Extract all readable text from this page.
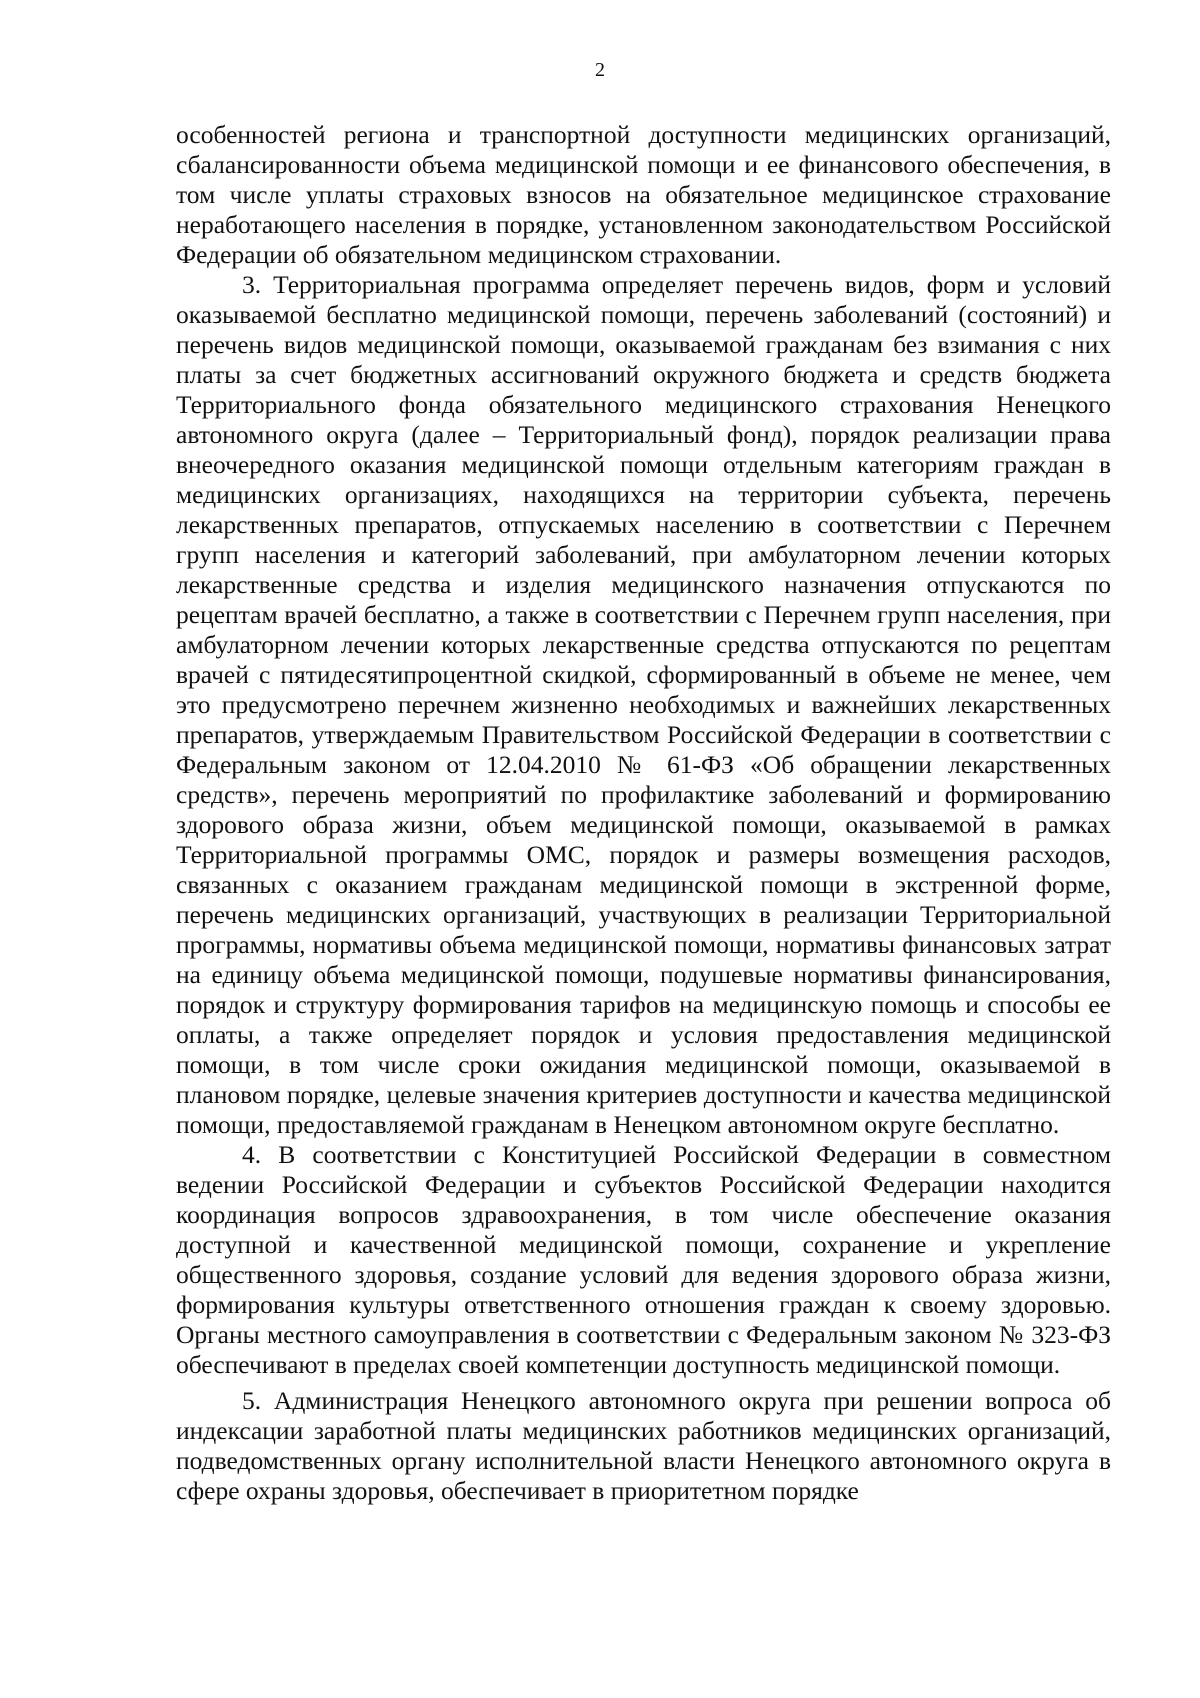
2

особенностей региона и транспортной доступности медицинских организаций, сбалансированности объема медицинской помощи и ее финансового обеспечения, в том числе уплаты страховых взносов на обязательное медицинское страхование неработающего населения в порядке, установленном законодательством Российской Федерации об обязательном медицинском страховании.

3. Территориальная программа определяет перечень видов, форм и условий оказываемой бесплатно медицинской помощи, перечень заболеваний (состояний) и перечень видов медицинской помощи, оказываемой гражданам без взимания с них платы за счет бюджетных ассигнований окружного бюджета и средств бюджета Территориального фонда обязательного медицинского страхования Ненецкого автономного округа (далее – Территориальный фонд), порядок реализации права внеочередного оказания медицинской помощи отдельным категориям граждан в медицинских организациях, находящихся на территории субъекта, перечень лекарственных препаратов, отпускаемых населению в соответствии с Перечнем групп населения и категорий заболеваний, при амбулаторном лечении которых лекарственные средства и изделия медицинского назначения отпускаются по рецептам врачей бесплатно, а также в соответствии с Перечнем групп населения, при амбулаторном лечении которых лекарственные средства отпускаются по рецептам врачей с пятидесятипроцентной скидкой, сформированный в объеме не менее, чем это предусмотрено перечнем жизненно необходимых и важнейших лекарственных препаратов, утверждаемым Правительством Российской Федерации в соответствии с Федеральным законом от 12.04.2010 № 61-ФЗ «Об обращении лекарственных средств», перечень мероприятий по профилактике заболеваний и формированию здорового образа жизни, объем медицинской помощи, оказываемой в рамках Территориальной программы ОМС, порядок и размеры возмещения расходов, связанных с оказанием гражданам медицинской помощи в экстренной форме, перечень медицинских организаций, участвующих в реализации Территориальной программы, нормативы объема медицинской помощи, нормативы финансовых затрат на единицу объема медицинской помощи, подушевые нормативы финансирования, порядок и структуру формирования тарифов на медицинскую помощь и способы ее оплаты, а также определяет порядок и условия предоставления медицинской помощи, в том числе сроки ожидания медицинской помощи, оказываемой в плановом порядке, целевые значения критериев доступности и качества медицинской помощи, предоставляемой гражданам в Ненецком автономном округе бесплатно.

4. В соответствии с Конституцией Российской Федерации в совместном ведении Российской Федерации и субъектов Российской Федерации находится координация вопросов здравоохранения, в том числе обеспечение оказания доступной и качественной медицинской помощи, сохранение и укрепление общественного здоровья, создание условий для ведения здорового образа жизни, формирования культуры ответственного отношения граждан к своему здоровью. Органы местного самоуправления в соответствии с Федеральным законом № 323-ФЗ обеспечивают в пределах своей компетенции доступность медицинской помощи.

5. Администрация Ненецкого автономного округа при решении вопроса об индексации заработной платы медицинских работников медицинских организаций, подведомственных органу исполнительной власти Ненецкого автономного округа в сфере охраны здоровья, обеспечивает в приоритетном порядке
